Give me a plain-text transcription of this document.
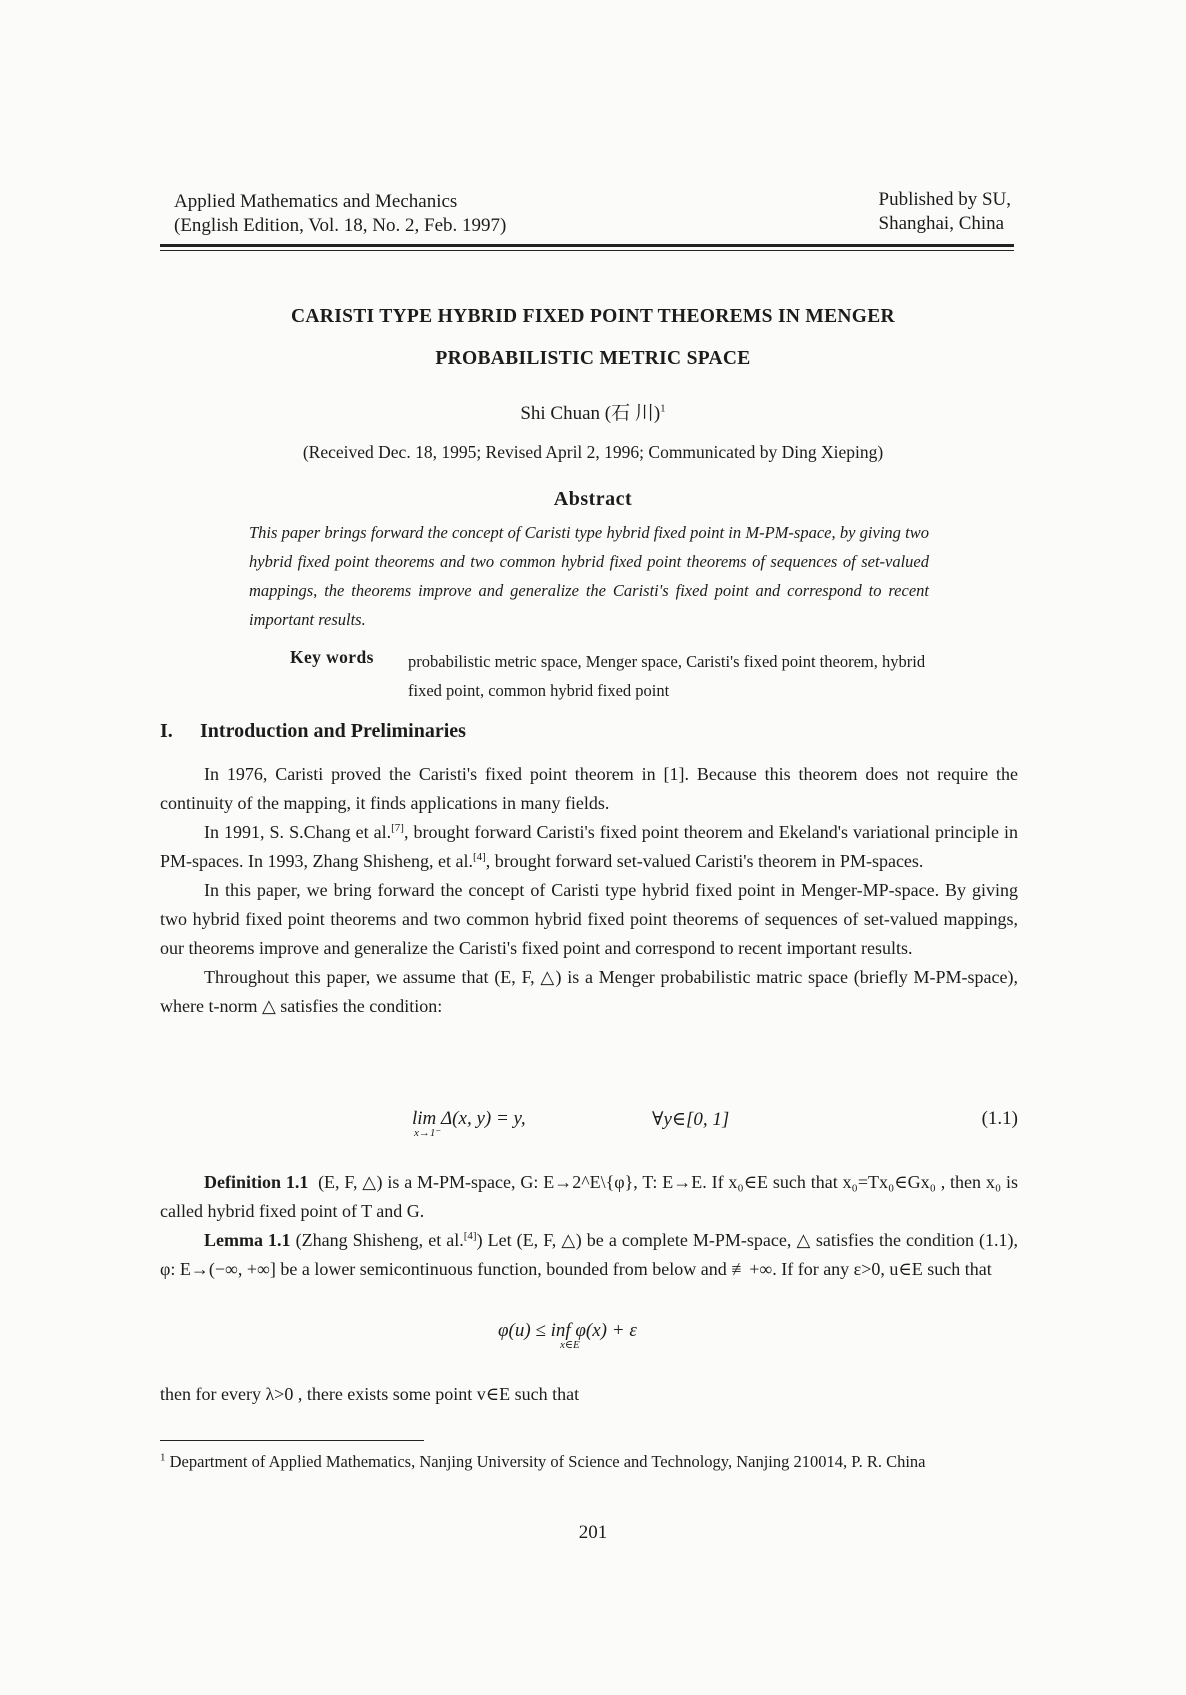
Applied Mathematics and Mechanics
(English Edition, Vol. 18, No. 2, Feb. 1997)
Published by SU,
Shanghai, China
CARISTI TYPE HYBRID FIXED POINT THEOREMS IN MENGER
PROBABILISTIC METRIC SPACE
Shi Chuan (石 川)$^1$
(Received Dec. 18, 1995; Revised April 2, 1996; Communicated by Ding Xieping)
Abstract
This paper brings forward the concept of Caristi type hybrid fixed point in M-PM-space, by giving two hybrid fixed point theorems and two common hybrid fixed point theorems of sequences of set-valued mappings, the theorems improve and generalize the Caristi's fixed point and correspond to recent important results.
Key words probabilistic metric space, Menger space, Caristi's fixed point theorem, hybrid fixed point, common hybrid fixed point
I. Introduction and Preliminaries

In 1976, Caristi proved the Caristi's fixed point theorem in [1]. Because this theorem does not require the continuity of the mapping, it finds applications in many fields.

In 1991, S. S.Chang et al.[7], brought forward Caristi's fixed point theorem and Ekeland's variational principle in PM-spaces. In 1993, Zhang Shisheng, et al.[4], brought forward set-valued Caristi's theorem in PM-spaces.

In this paper, we bring forward the concept of Caristi type hybrid fixed point in Menger-MP-space. By giving two hybrid fixed point theorems and two common hybrid fixed point theorems of sequences of set-valued mappings, our theorems improve and generalize the Caristi's fixed point and correspond to recent important results.

Throughout this paper, we assume that (E, F, △) is a Menger probabilistic matric space (briefly M-PM-space), where t-norm △ satisfies the condition:

lim Δ(x, y) = y,
x→1⁻
∀y∈[0, 1]	(1.1)

Definition 1.1 (E, F, △) is a M-PM-space, G: E→2^E\{φ}, T: E→E. If x₀∈E such that x₀=Tx₀∈Gx₀ , then x₀ is called hybrid fixed point of T and G.

Lemma 1.1 (Zhang Shisheng, et al.[4]) Let (E, F, △) be a complete M-PM-space, △ satisfies the condition (1.1), φ: E→(−∞, +∞] be a lower semicontinuous function, bounded from below and ≢+∞. If for any ε>0, u∈E such that

φ(u) ≤ inf φ(x) + ε
x∈E
then for every λ>0 , there exists some point v∈E such that
$^1$ Department of Applied Mathematics, Nanjing University of Science and Technology, Nanjing 210014, P. R. China
201
